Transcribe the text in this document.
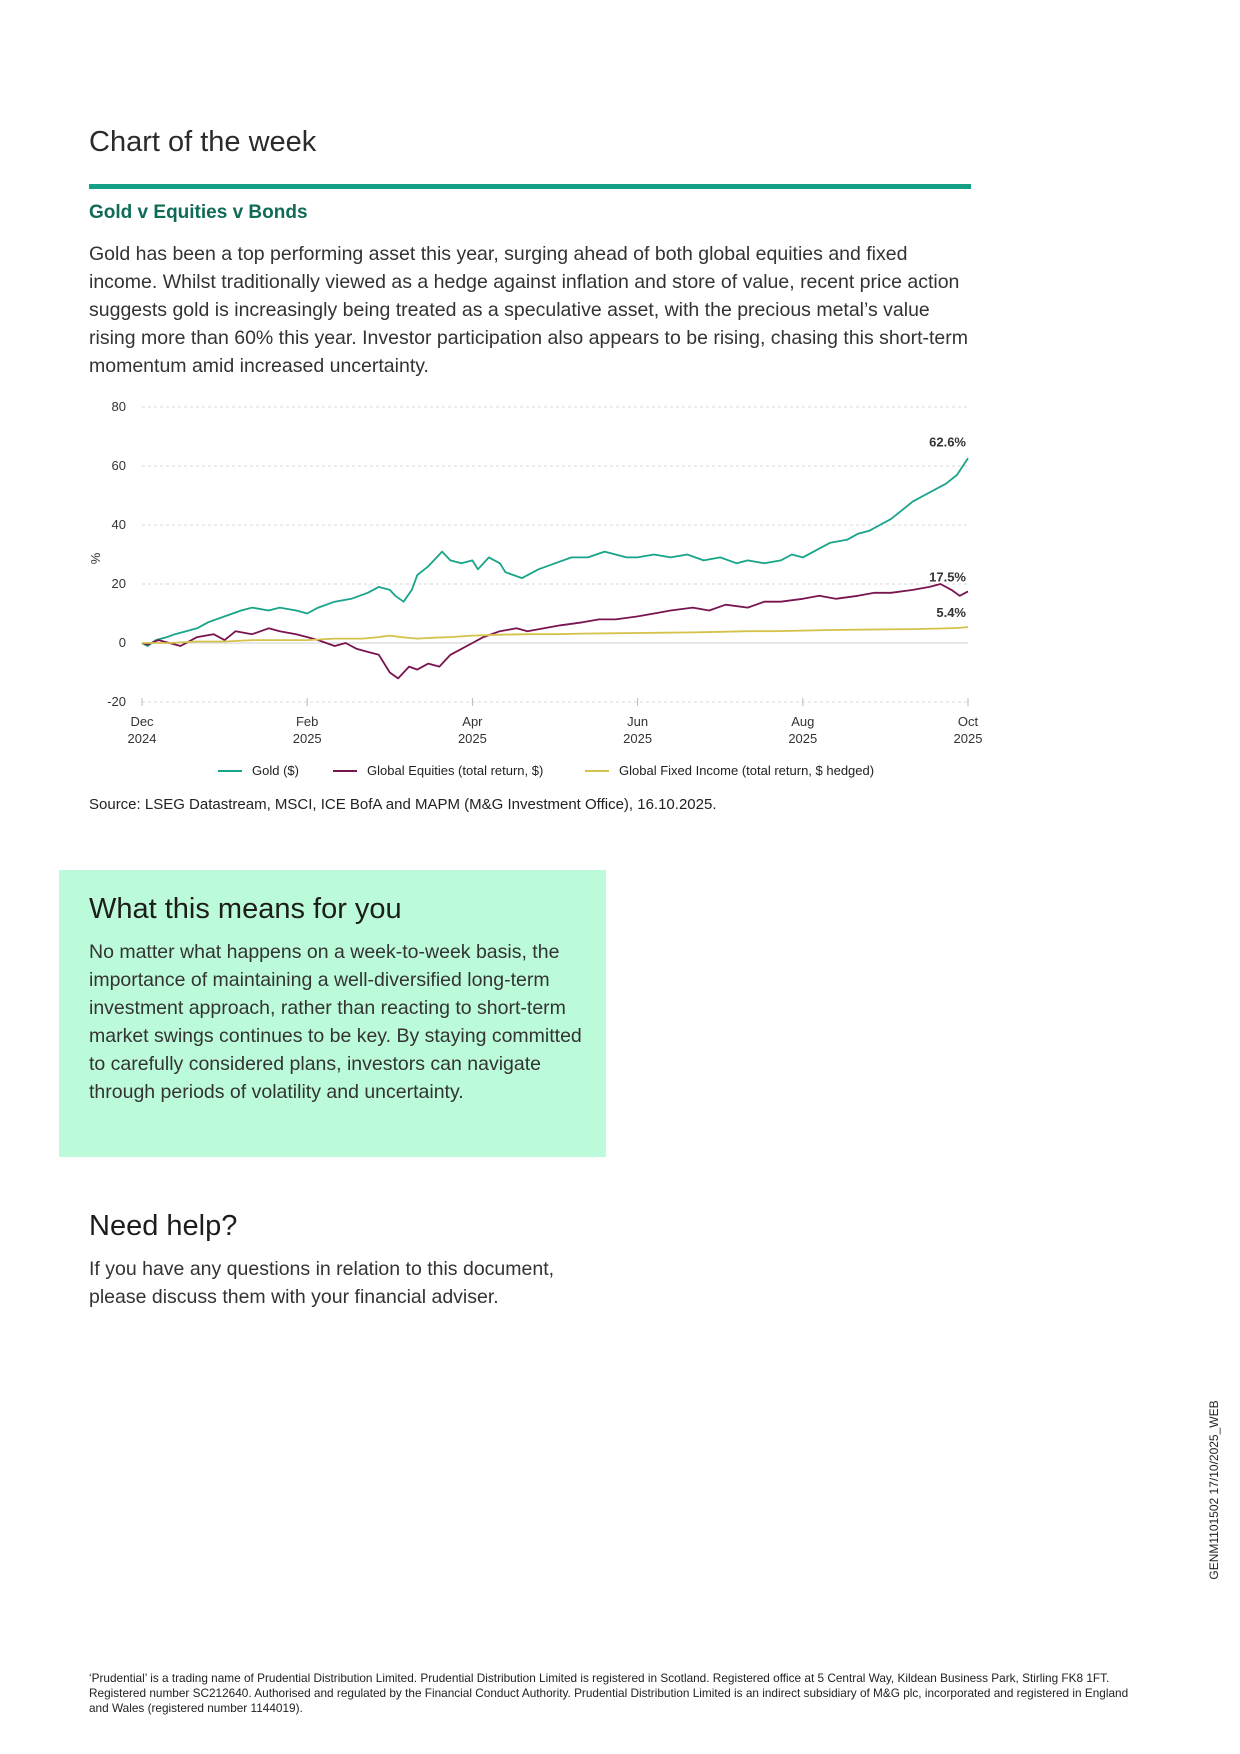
Chart of the week
Gold v Equities v Bonds

Gold has been a top performing asset this year, surging ahead of both global equities and fixed income. Whilst traditionally viewed as a hedge against inflation and store of value, recent price action suggests gold is increasingly being treated as a speculative asset, with the precious metal’s value rising more than 60% this year. Investor participation also appears to be rising, chasing this short-term momentum amid increased uncertainty.

80
60
40
20
0
-20
%
Dec
2024
Feb
2025
Apr
2025
Jun
2025
Aug
2025
Oct
2025
62.6%
17.5%
5.4%
Gold ($)	Global Equities (total return, $)	Global Fixed Income (total return, $ hedged)

Source: LSEG Datastream, MSCI, ICE BofA and MAPM (M&G Investment Office), 16.10.2025.

What this means for you

No matter what happens on a week-to-week basis, the importance of maintaining a well-diversified long-term investment approach, rather than reacting to short-term market swings continues to be key. By staying committed to carefully considered plans, investors can navigate through periods of volatility and uncertainty.

Need help?

If you have any questions in relation to this document, please discuss them with your financial adviser.

‘Prudential’ is a trading name of Prudential Distribution Limited. Prudential Distribution Limited is registered in Scotland. Registered office at 5 Central Way, Kildean Business Park, Stirling FK8 1FT. Registered number SC212640. Authorised and regulated by the Financial Conduct Authority. Prudential Distribution Limited is an indirect subsidiary of M&G plc, incorporated and registered in England and Wales (registered number 1144019).

GENM1101502 17/10/2025_WEB
